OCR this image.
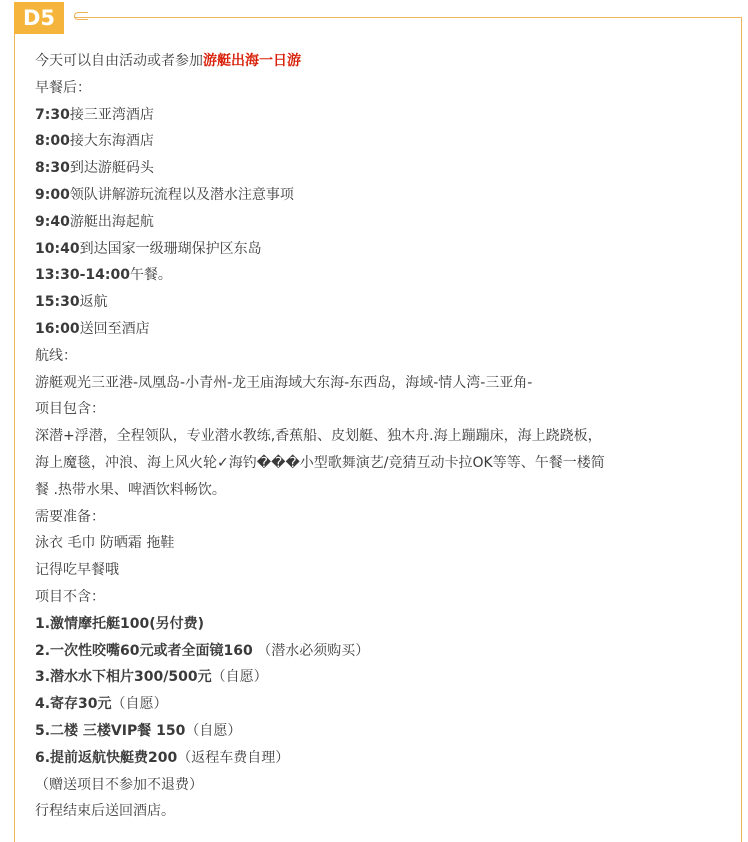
D5
今天可以自由活动或者参加游艇出海一日游
早餐后：
7:30接三亚湾酒店
8:00接大东海酒店
8:30到达游艇码头
9:00领队讲解游玩流程以及潜水注意事项
9:40游艇出海起航
10:40到达国家一级珊瑚保护区东岛
13:30-14:00午餐。
15:30返航
16:00送回至酒店
航线：
游艇观光三亚港-凤凰岛-小青州-龙王庙海域大东海-东西岛，海域-情人湾-三亚角-
项目包含：
深潜+浮潜，全程领队，专业潜水教练,香蕉船、皮划艇、独木舟.海上蹦蹦床，海上跷跷板，
海上魔毯，冲浪、海上风火轮✓海钓���小型歌舞演艺/竞猜互动卡拉OK等等、午餐一楼简
餐 .热带水果、啤酒饮料畅饮。
需要准备：
泳衣 毛巾 防晒霜 拖鞋
记得吃早餐哦
项目不含：
1.激情摩托艇100(另付费)
2.一次性咬嘴60元或者全面镜160 （潜水必须购买）
3.潜水水下相片300/500元（自愿）
4.寄存30元（自愿）
5.二楼 三楼VIP餐 150（自愿）
6.提前返航快艇费200（返程车费自理）
（赠送项目不参加不退费）
行程结束后送回酒店。
